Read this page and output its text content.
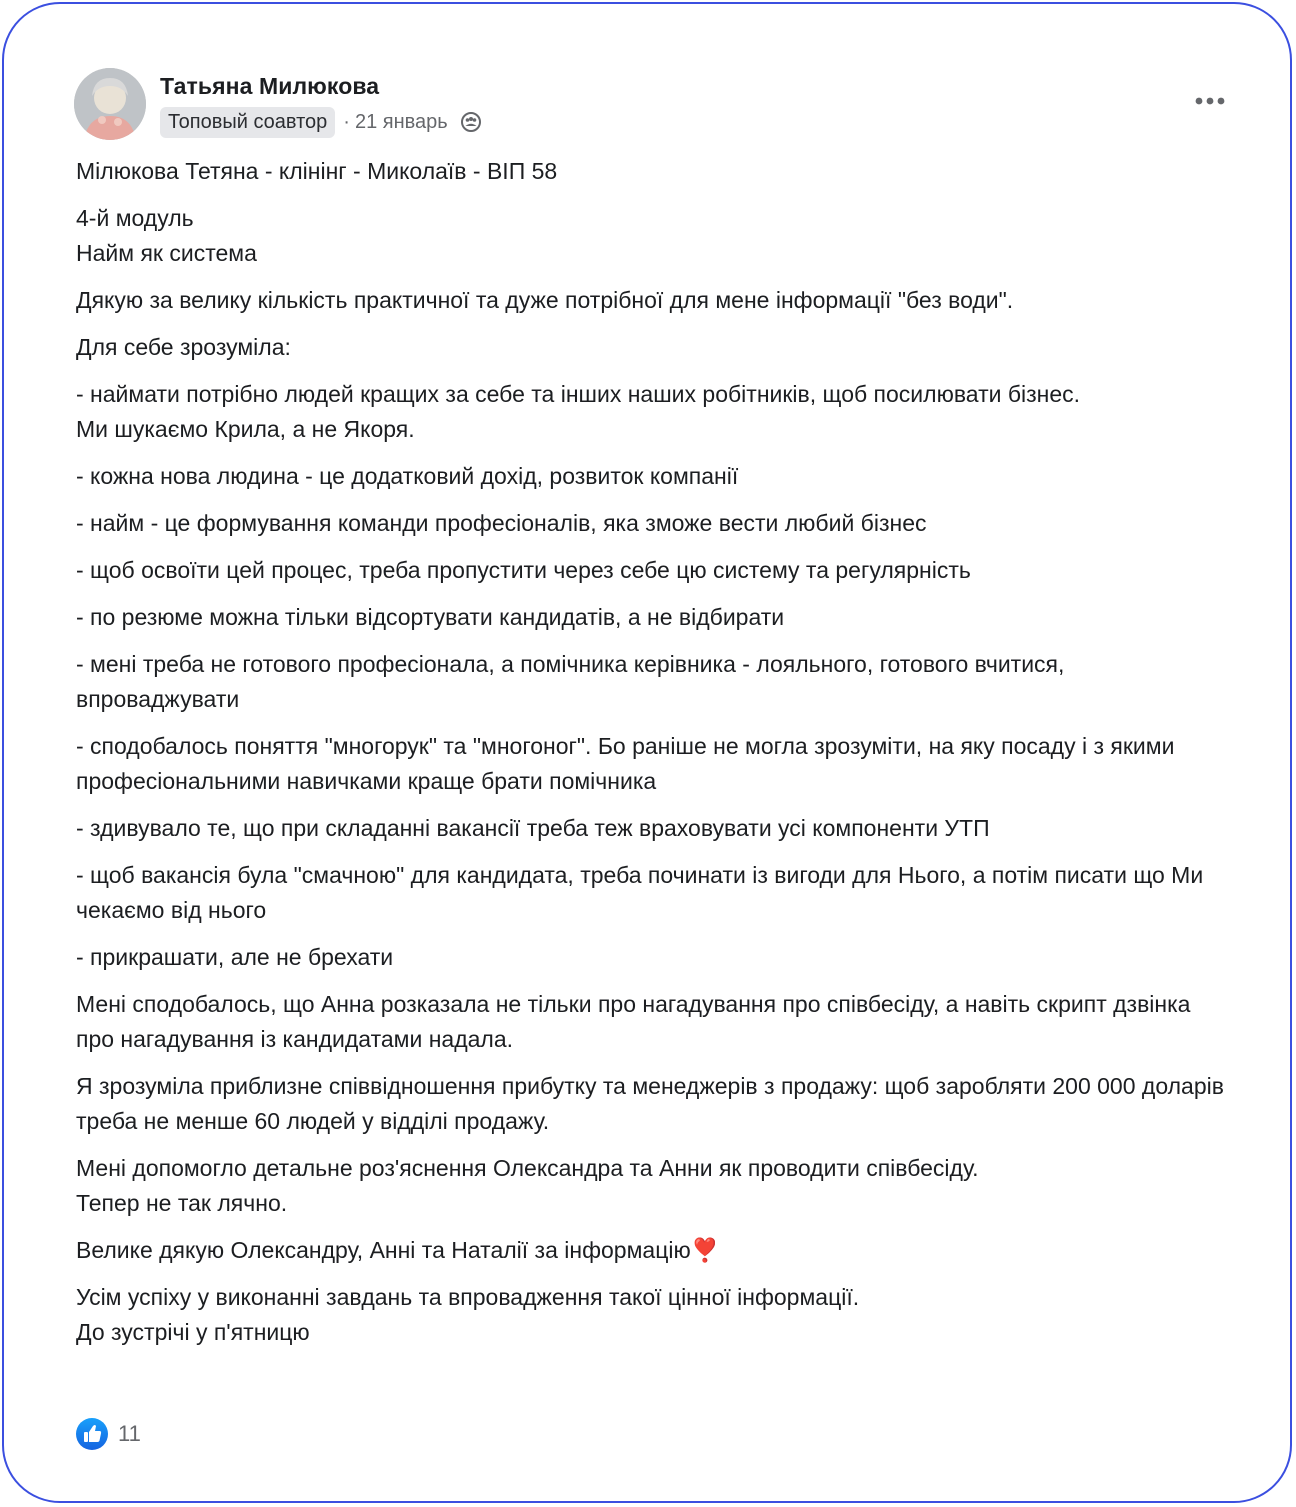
Татьяна Милюкова
Топовый соавтор · 21 январь

Мілюкова Тетяна - клінінг - Миколаїв - ВІП 58

4-й модуль
Найм як система

Дякую за велику кількість практичної та дуже потрібної для мене інформації "без води".

Для себе зрозуміла:

- наймати потрібно людей кращих за себе та інших наших робітників, щоб посилювати бізнес.
Ми шукаємо Крила, а не Якоря.

- кожна нова людина - це додатковий дохід, розвиток компанії

- найм - це формування команди професіоналів, яка зможе вести любий бізнес

- щоб освоїти цей процес, треба пропустити через себе цю систему та регулярність

- по резюме можна тільки відсортувати кандидатів, а не відбирати

- мені треба не готового професіонала, а помічника керівника - лояльного, готового вчитися, впроваджувати

- сподобалось поняття "многорук" та "многоног". Бо раніше не могла зрозуміти, на яку посаду і з якими професіональними навичками краще брати помічника

- здивувало те, що при складанні вакансії треба теж враховувати усі компоненти УТП

- щоб вакансія була "смачною" для кандидата, треба починати із вигоди для Нього, а потім писати що Ми чекаємо від нього

- прикрашати, але не брехати

Мені сподобалось, що Анна розказала не тільки про нагадування про співбесіду, а навіть скрипт дзвінка про нагадування із кандидатами надала.

Я зрозуміла приблизне співвідношення прибутку та менеджерів з продажу: щоб заробляти 200 000 доларів треба не менше 60 людей у відділі продажу.

Мені допомогло детальне роз'яснення Олександра та Анни як проводити співбесіду.
Тепер не так лячно.

Велике дякую Олександру, Анні та Наталії за інформацію❣️

Усім успіху у виконанні завдань та впровадження такої цінної інформації.
До зустрічі у п'ятницю

11
